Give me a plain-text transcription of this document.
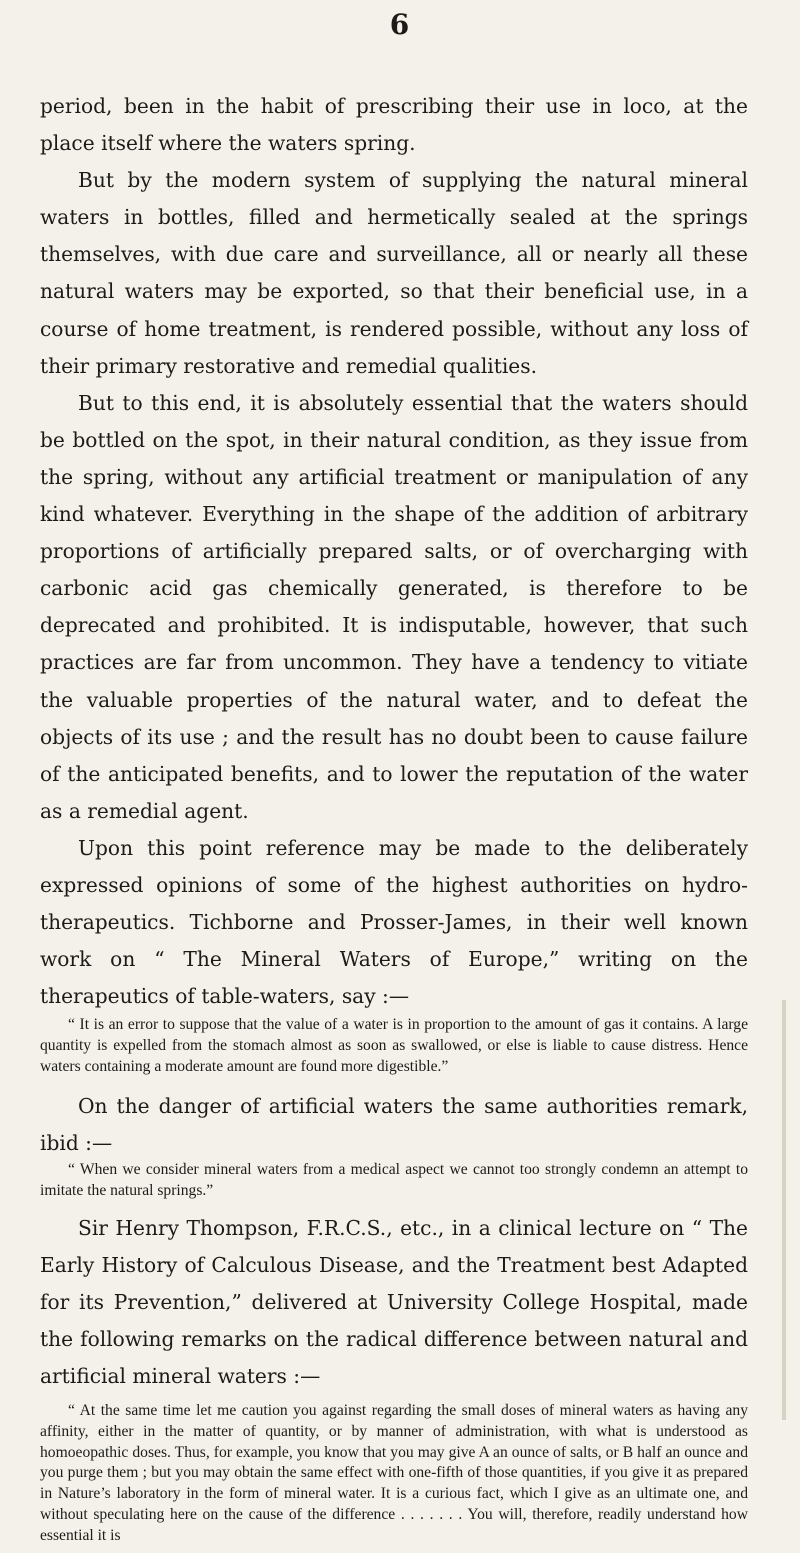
6

period, been in the habit of prescribing their use in loco, at the place itself where the waters spring.

But by the modern system of supplying the natural mineral waters in bottles, filled and hermetically sealed at the springs themselves, with due care and surveillance, all or nearly all these natural waters may be exported, so that their beneficial use, in a course of home treatment, is rendered possible, without any loss of their primary restorative and remedial qualities.

But to this end, it is absolutely essential that the waters should be bottled on the spot, in their natural condition, as they issue from the spring, without any artificial treatment or manipulation of any kind whatever. Everything in the shape of the addition of arbitrary proportions of artificially prepared salts, or of overcharging with carbonic acid gas chemically generated, is therefore to be deprecated and prohibited. It is indisputable, however, that such practices are far from uncommon. They have a tendency to vitiate the valuable properties of the natural water, and to defeat the objects of its use ; and the result has no doubt been to cause failure of the anticipated benefits, and to lower the reputation of the water as a remedial agent.

Upon this point reference may be made to the deliberately expressed opinions of some of the highest authorities on hydro-therapeutics. Tichborne and Prosser-James, in their well known work on “ The Mineral Waters of Europe,” writing on the therapeutics of table-waters, say :—

“ It is an error to suppose that the value of a water is in proportion to the amount of gas it contains. A large quantity is expelled from the stomach almost as soon as swallowed, or else is liable to cause distress. Hence waters containing a moderate amount are found more digestible.”

On the danger of artificial waters the same authorities remark, ibid :—

“ When we consider mineral waters from a medical aspect we cannot too strongly condemn an attempt to imitate the natural springs.”

Sir Henry Thompson, F.R.C.S., etc., in a clinical lecture on “ The Early History of Calculous Disease, and the Treatment best Adapted for its Prevention,” delivered at University College Hospital, made the following remarks on the radical difference between natural and artificial mineral waters :—

“ At the same time let me caution you against regarding the small doses of mineral waters as having any affinity, either in the matter of quantity, or by manner of administration, with what is understood as homoeopathic doses. Thus, for example, you know that you may give A an ounce of salts, or B half an ounce and you purge them ; but you may obtain the same effect with one-fifth of those quantities, if you give it as prepared in Nature’s laboratory in the form of mineral water. It is a curious fact, which I give as an ultimate one, and without speculating here on the cause of the difference . . . . . . . You will, therefore, readily understand how essential it is
